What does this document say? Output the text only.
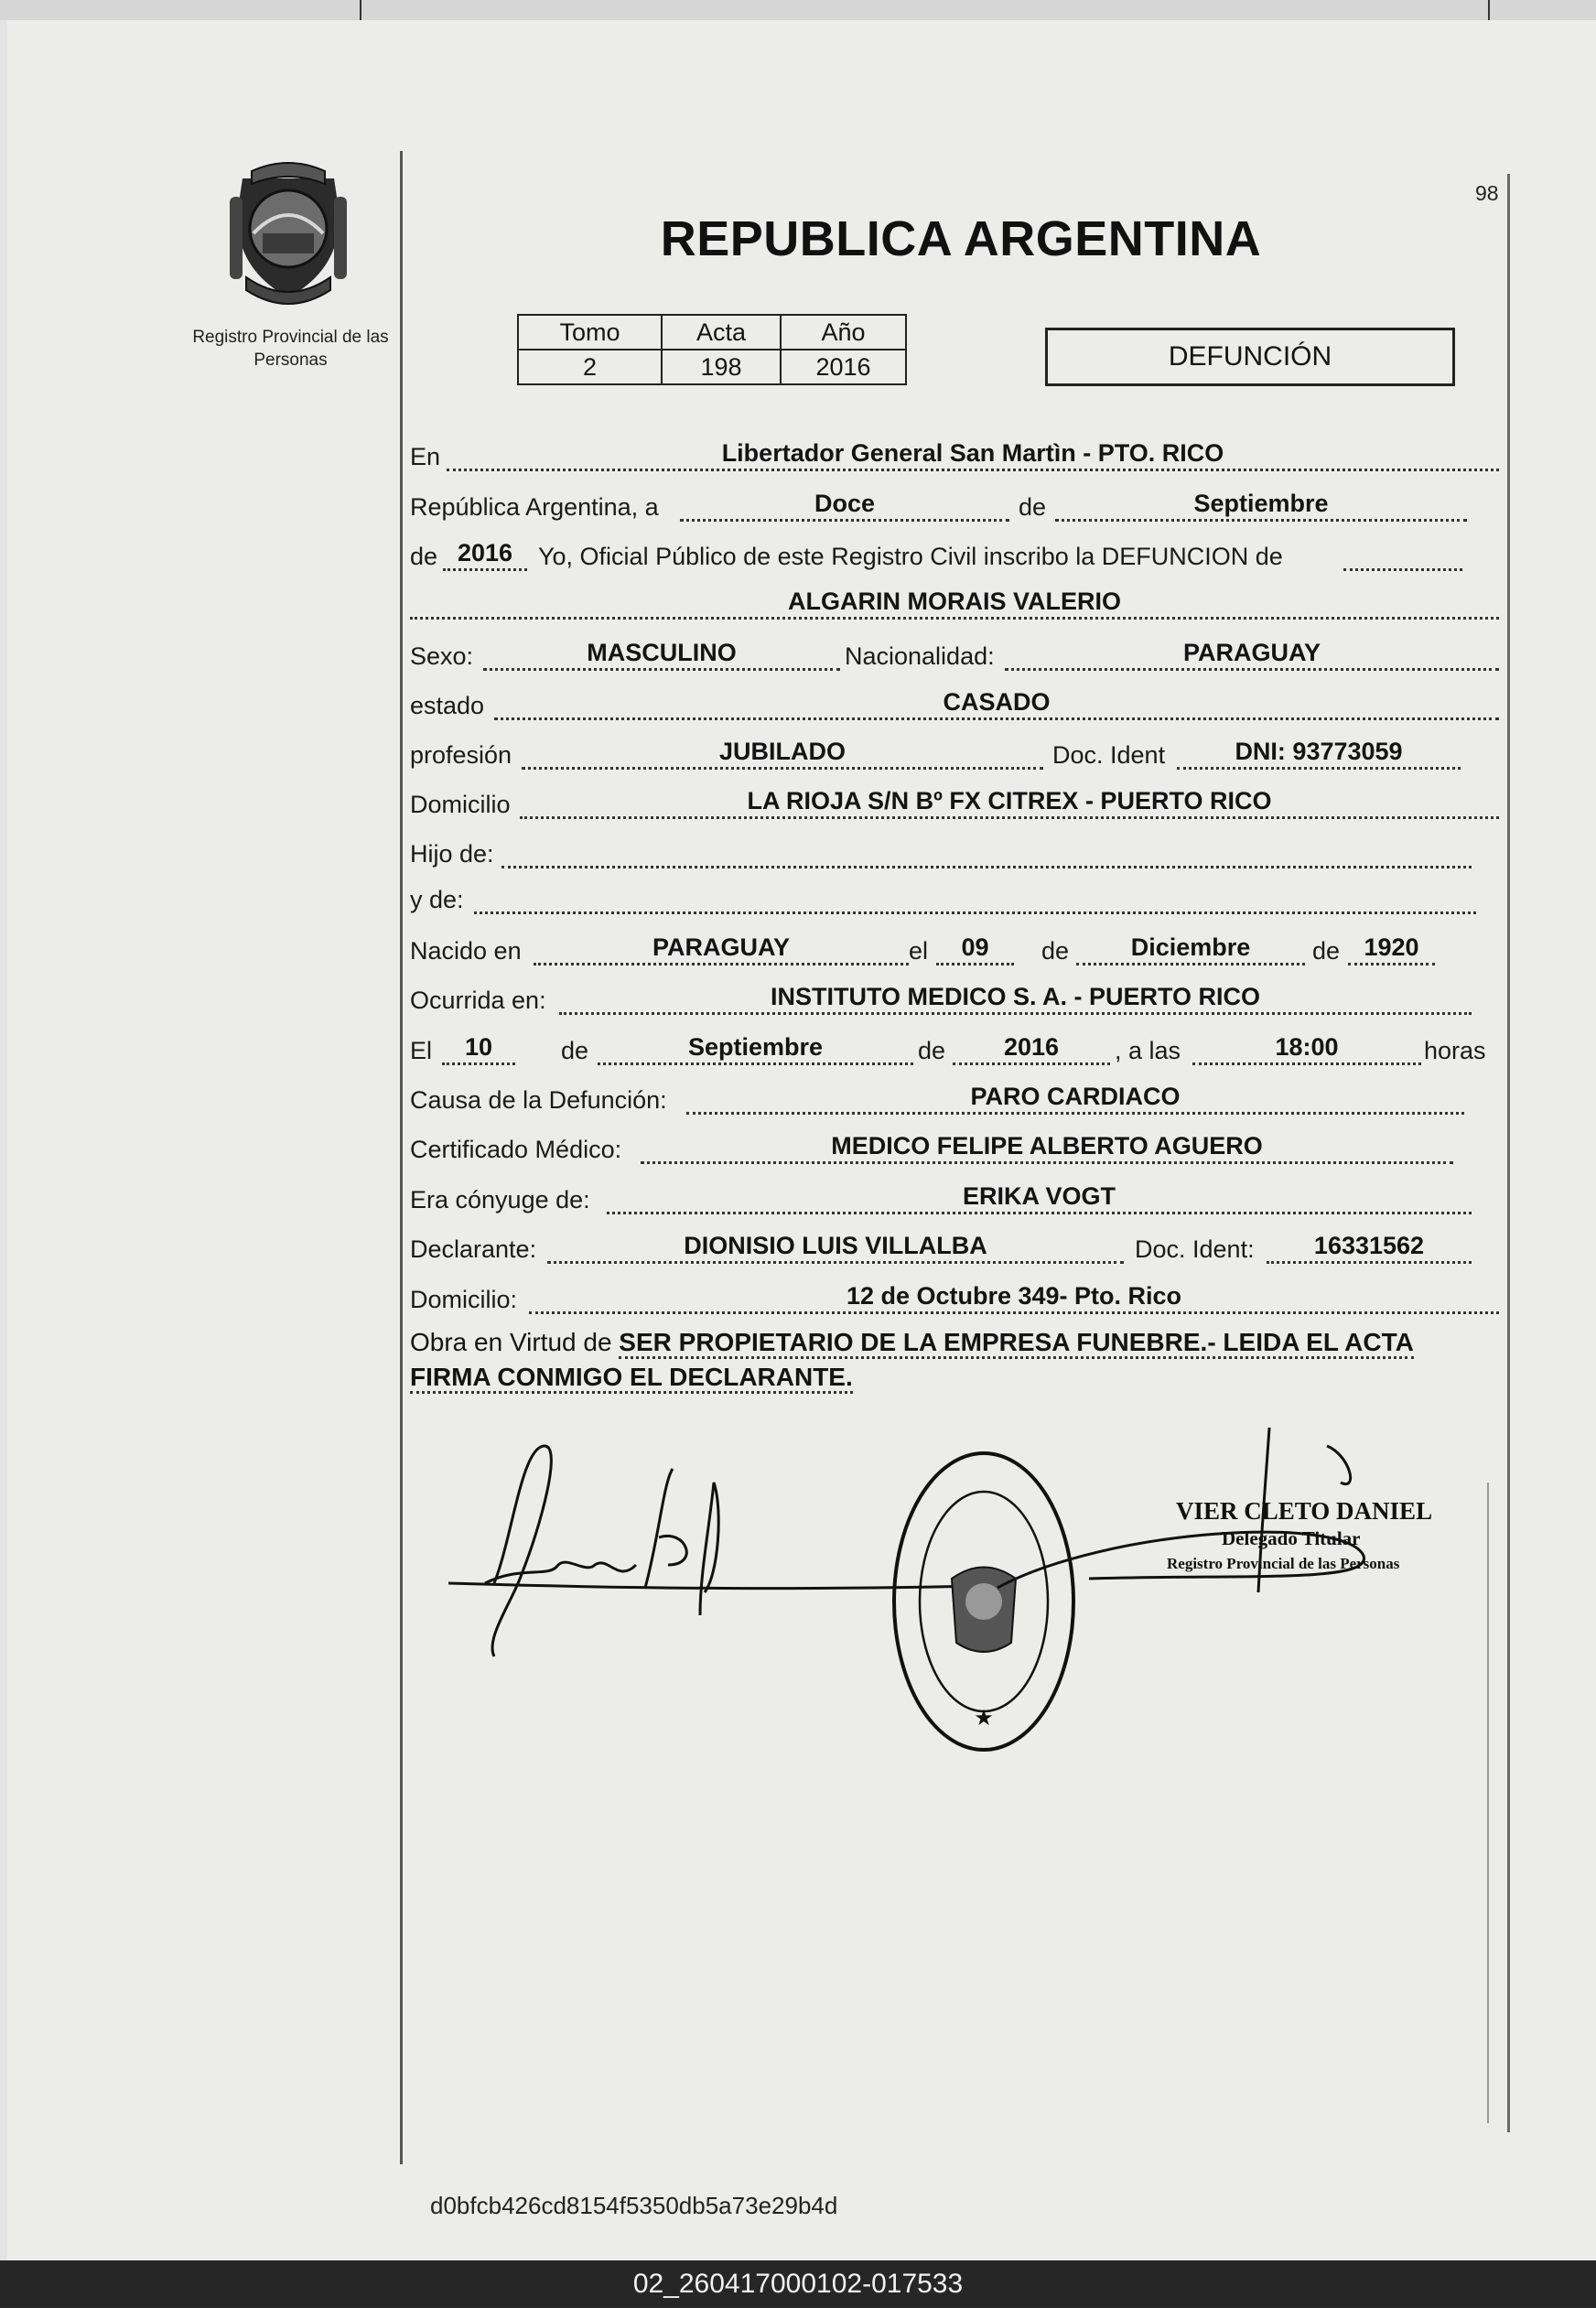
Registro Provincial de las Personas
98
REPUBLICA ARGENTINA
Tomo	Acta	Año
2	198	2016	DEFUNCIÓN
En	Libertador General San Martìn - PTO. RICO
República Argentina, a	Doce	de	Septiembre
de 2016	Yo, Oficial Público de este Registro Civil inscribo la DEFUNCION de
ALGARIN MORAIS VALERIO
Sexo:	MASCULINO	Nacionalidad:	PARAGUAY
estado	CASADO
profesión	JUBILADO	Doc. Ident	DNI: 93773059
Domicilio	LA RIOJA S/N Bº FX CITREX - PUERTO RICO
Hijo de:
y de:
Nacido en	PARAGUAY	el	09	de	Diciembre	de 1920
Ocurrida en:	INSTITUTO MEDICO S. A. - PUERTO RICO
El	10	de	Septiembre	de	2016	, a las	18:00	horas
Causa de la Defunción:	PARO CARDIACO
Certificado Médico:	MEDICO FELIPE ALBERTO AGUERO
Era cónyuge de:	ERIKA VOGT
Declarante:	DIONISIO LUIS VILLALBA	Doc. Ident:	16331562
Domicilio:	12 de Octubre 349- Pto. Rico
Obra en Virtud de SER PROPIETARIO DE LA EMPRESA FUNEBRE.- LEIDA EL ACTA FIRMA CONMIGO EL DECLARANTE.
★
VIER CLETO DANIEL
Delegado Titular
Registro Provincial de las Personas
d0bfcb426cd8154f5350db5a73e29b4d
02_260417000102-017533
